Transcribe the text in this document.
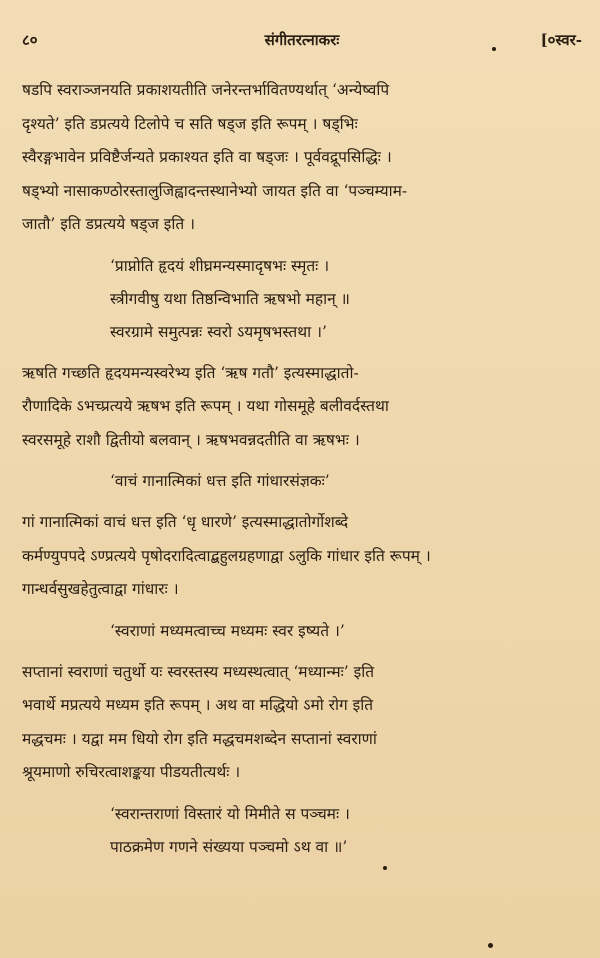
८०	संगीतरत्नाकरः	[०स्वर-
षडपि स्वराञ्जनयति प्रकाशयतीति जनेरन्तर्भावितण्यर्थात् ‘अन्येष्वपि
दृश्यते’ इति डप्रत्यये टिलोपे च सति षड्ज इति रूपम् । षड्भिः
स्वैरङ्गभावेन प्रविष्टैर्जन्यते प्रकाश्यत इति वा षड्जः । पूर्ववद्रूपसिद्धिः ।
षड्भ्यो नासाकण्ठोरस्तालुजिह्वादन्तस्थानेभ्यो जायत इति वा ‘पञ्चम्याम-
जातौ’ इति डप्रत्यये षड्ज इति ।
‘प्राप्नोति हृदयं शीघ्रमन्यस्मादृषभः स्मृतः ।
स्त्रीगवीषु यथा तिष्ठन्विभाति ऋषभो महान् ॥
स्वरग्रामे समुत्पन्नः स्वरो ऽयमृषभस्तथा ।’
ऋषति गच्छति हृदयमन्यस्वरेभ्य इति ‘ऋष गतौ’ इत्यस्माद्धातो-
रौणादिके ऽभच्प्रत्यये ऋषभ इति रूपम् । यथा गोसमूहे बलीवर्दस्तथा
स्वरसमूहे राशौ द्वितीयो बलवान् । ऋषभवन्नदतीति वा ऋषभः ।
‘वाचं गानात्मिकां धत्त इति गांधारसंज्ञकः’
गां गानात्मिकां वाचं धत्त इति ‘धृ धारणे’ इत्यस्माद्धातोर्गोशब्दे
कर्मण्युपपदे ऽण्प्रत्यये पृषोदरादित्वाद्बहुलग्रहणाद्वा ऽलुकि गांधार इति रूपम् ।
गान्धर्वसुखहेतुत्वाद्वा गांधारः ।
‘स्वराणां मध्यमत्वाच्च मध्यमः स्वर इष्यते ।’
सप्तानां स्वराणां चतुर्थो यः स्वरस्तस्य मध्यस्थत्वात् ‘मध्यान्मः’ इति
भवार्थे मप्रत्यये मध्यम इति रूपम् । अथ वा मद्धियो ऽमो रोग इति
मद्धचमः । यद्वा मम धियो रोग इति मद्धचमशब्देन सप्तानां स्वराणां
श्रूयमाणो रुचिरत्वाशङ्कया पीडयतीत्यर्थः ।
‘स्वरान्तराणां विस्तारं यो मिमीते स पञ्चमः ।
पाठक्रमेण गणने संख्यया पञ्चमो ऽथ वा ॥’
